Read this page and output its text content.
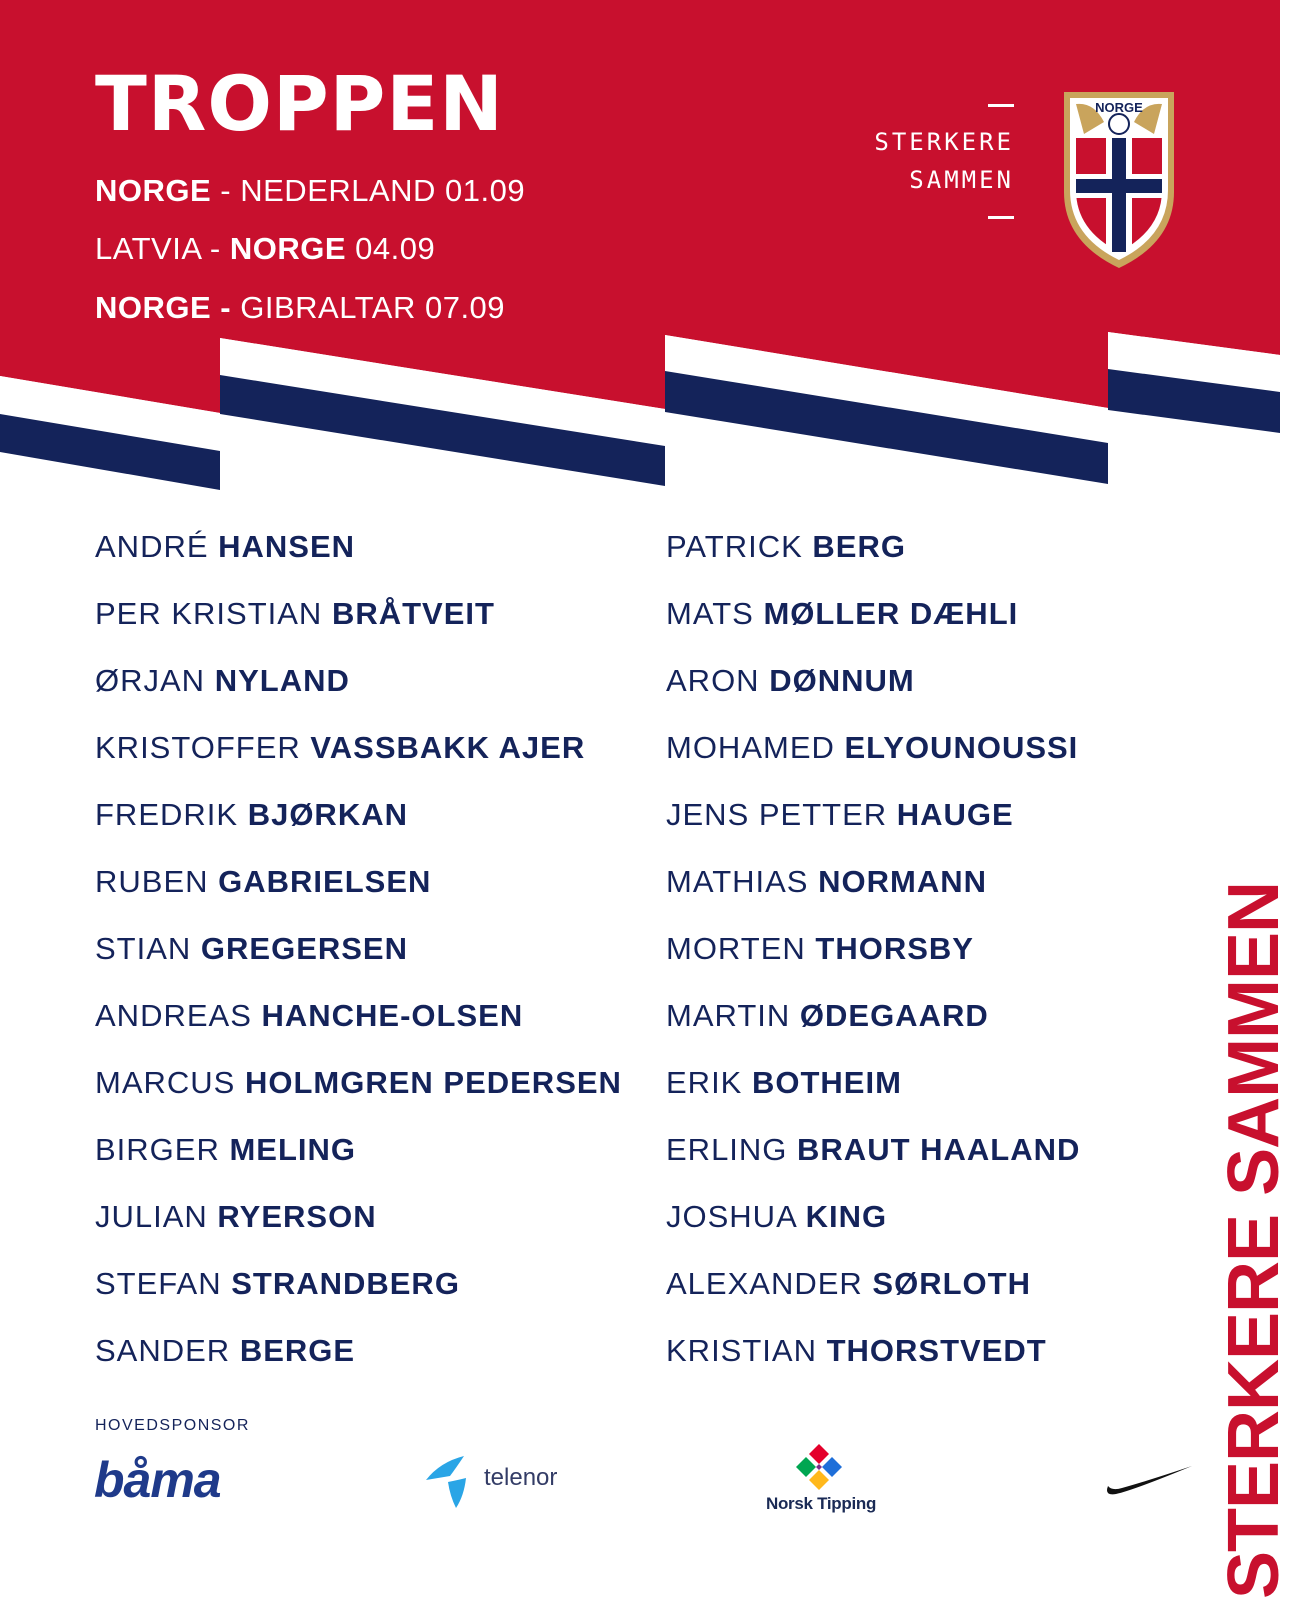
TROPPEN
NORGE - NEDERLAND 01.09
LATVIA - NORGE 04.09
NORGE - GIBRALTAR 07.09
STERKERE
SAMMEN
NORGE
ANDRÉ HANSEN
PER KRISTIAN BRÅTVEIT
ØRJAN NYLAND
KRISTOFFER VASSBAKK AJER
FREDRIK BJØRKAN
RUBEN GABRIELSEN
STIAN GREGERSEN
ANDREAS HANCHE-OLSEN
MARCUS HOLMGREN PEDERSEN
BIRGER MELING
JULIAN RYERSON
STEFAN STRANDBERG
SANDER BERGE
PATRICK BERG
MATS MØLLER DÆHLI
ARON DØNNUM
MOHAMED ELYOUNOUSSI
JENS PETTER HAUGE
MATHIAS NORMANN
MORTEN THORSBY
MARTIN ØDEGAARD
ERIK BOTHEIM
ERLING BRAUT HAALAND
JOSHUA KING
ALEXANDER SØRLOTH
KRISTIAN THORSTVEDT STERKERE SAMMEN
HOVEDSPONSOR
båma	telenor
Norsk Tipping
